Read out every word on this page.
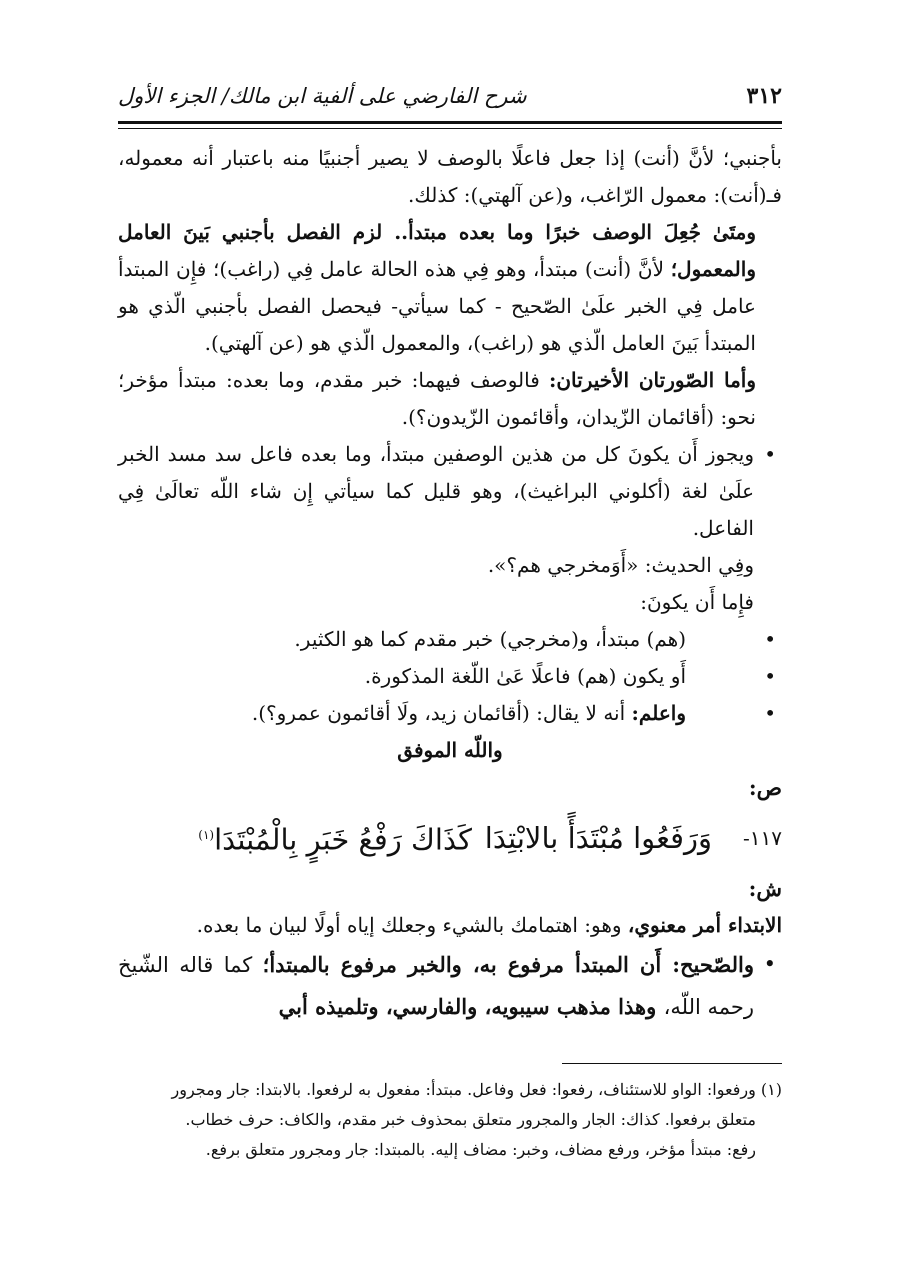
٣١٢
شرح الفارضي على ألفية ابن مالك/ الجزء الأول

بأجنبي؛ لأنَّ (أنت) إذا جعل فاعلًا بالوصف لا يصير أجنبيًا منه باعتبار أنه معموله، فـ(أنت): معمول الرّاغب، و(عن آلهتي): كذلك.

ومتَىٰ جُعِلَ الوصف خبرًا وما بعده مبتدأ.. لزم الفصل بأجنبي بَينَ العامل والمعمول؛ لأنَّ (أنت) مبتدأ، وهو فِي هذه الحالة عامل فِي (راغب)؛ فإِن المبتدأ عامل فِي الخبر علَىٰ الصّحيح - كما سيأتي- فيحصل الفصل بأجنبي الّذي هو المبتدأ بَينَ العامل الّذي هو (راغب)، والمعمول الّذي هو (عن آلهتي).

وأما الصّورتان الأخيرتان: فالوصف فيهما: خبر مقدم، وما بعده: مبتدأ مؤخر؛ نحو: (أقائمان الزّيدان، وأقائمون الزّيدون؟).

• ويجوز أَن يكونَ كل من هذين الوصفين مبتدأ، وما بعده فاعل سد مسد الخبر علَىٰ لغة (أكلوني البراغيث)، وهو قليل كما سيأتي إِن شاء اللّه تعالَىٰ فِي الفاعل.

وفِي الحديث: «أَوَمخرجي هم؟».

فإِما أَن يكونَ:

• (هم) مبتدأ، و(مخرجي) خبر مقدم كما هو الكثير.

• أَو يكون (هم) فاعلًا عَىٰ اللّغة المذكورة.

• واعلم: أنه لا يقال: (أقائمان زيد، ولَا أقائمون عمرو؟).

واللّه الموفق

ص:

١١٧-
وَرَفَعُوا مُبْتَدَأً بالابْتِدَا
كَذَاكَ رَفْعُ خَبَرٍ بِالْمُبْتَدَا$^{(١)}$

ش:

الابتداء أمر معنوي، وهو: اهتمامك بالشيء وجعلك إياه أولًا لبيان ما بعده.

• والصّحيح: أَن المبتدأ مرفوع به، والخبر مرفوع بالمبتدأ؛ كما قاله الشّيخ رحمه اللّه، وهذا مذهب سيبويه، والفارسي، وتلميذه أبي

(١) ورفعوا: الواو للاستئناف، رفعوا: فعل وفاعل. مبتدأ: مفعول به لرفعوا. بالابتدا: جار ومجرور

متعلق برفعوا. كذاك: الجار والمجرور متعلق بمحذوف خبر مقدم، والكاف: حرف خطاب.

رفع: مبتدأ مؤخر، ورفع مضاف، وخبر: مضاف إليه. بالمبتدا: جار ومجرور متعلق برفع.
